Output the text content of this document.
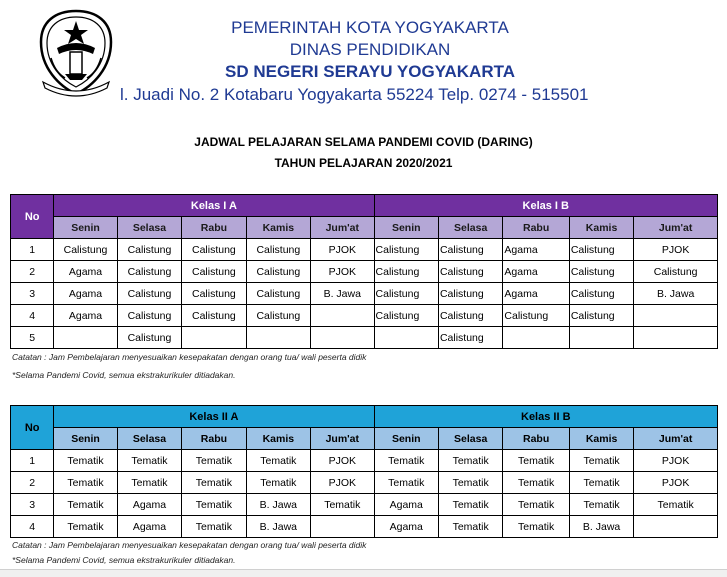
PEMERINTAH KOTA YOGYAKARTA
DINAS PENDIDIKAN
SD NEGERI SERAYU YOGYAKARTA
l. Juadi No. 2 Kotabaru Yogyakarta 55224 Telp. 0274 - 515501
JADWAL PELAJARAN SELAMA PANDEMI COVID (DARING)
TAHUN PELAJARAN 2020/2021
No	Kelas I A					Kelas I B				
	Senin	Selasa	Rabu	Kamis	Jum'at	Senin	Selasa	Rabu	Kamis	Jum'at
1	Calistung	Calistung	Calistung	Calistung	PJOK	Calistung	Calistung	Agama	Calistung	PJOK
2	Agama	Calistung	Calistung	Calistung	PJOK	Calistung	Calistung	Agama	Calistung	Calistung
3	Agama	Calistung	Calistung	Calistung	B. Jawa	Calistung	Calistung	Agama	Calistung	B. Jawa
4	Agama	Calistung	Calistung	Calistung		Calistung	Calistung	Calistung	Calistung	
5		Calistung					Calistung			
Catatan : Jam Pembelajaran menyesuaikan kesepakatan dengan orang tua/ wali peserta didik
*Selama Pandemi Covid, semua ekstrakurikuler ditiadakan.
No	Kelas II A					Kelas II B				
	Senin	Selasa	Rabu	Kamis	Jum'at	Senin	Selasa	Rabu	Kamis	Jum'at
1	Tematik	Tematik	Tematik	Tematik	PJOK	Tematik	Tematik	Tematik	Tematik	PJOK
2	Tematik	Tematik	Tematik	Tematik	PJOK	Tematik	Tematik	Tematik	Tematik	PJOK
3	Tematik	Agama	Tematik	B. Jawa	Tematik	Agama	Tematik	Tematik	Tematik	Tematik
4	Tematik	Agama	Tematik	B. Jawa		Agama	Tematik	Tematik	B. Jawa	
Catatan : Jam Pembelajaran menyesuaikan kesepakatan dengan orang tua/ wali peserta didik
*Selama Pandemi Covid, semua ekstrakurikuler ditiadakan.
